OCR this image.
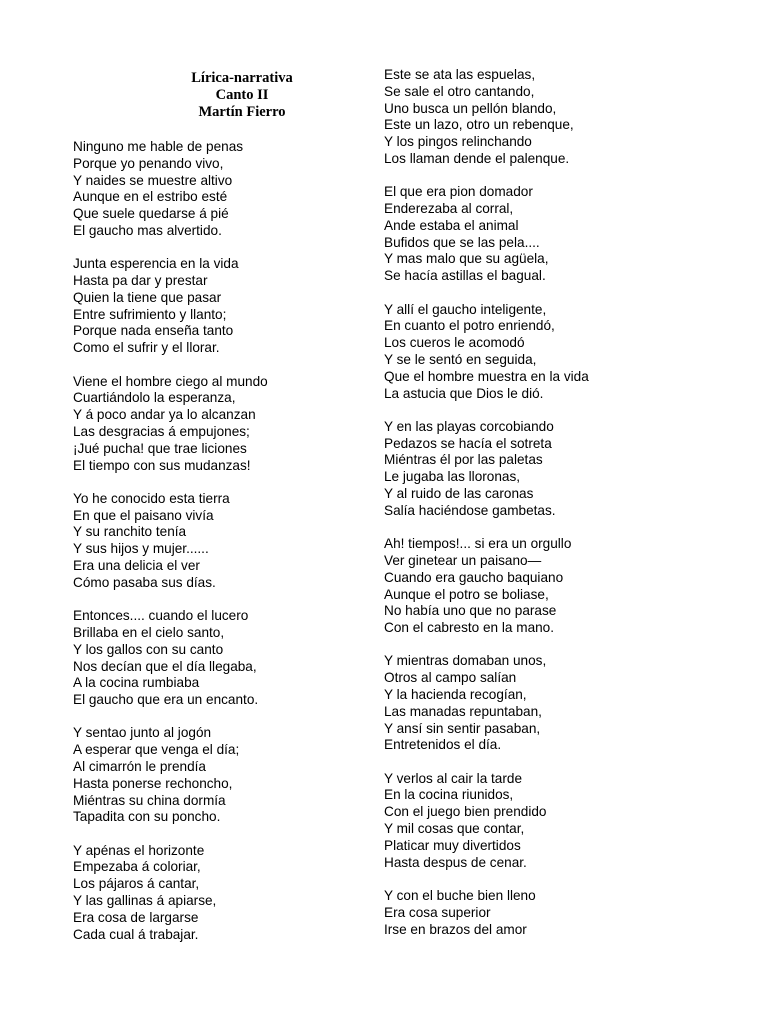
Lírica-narrativa
Canto II
Martín Fierro
Ninguno me hable de penas
Porque yo penando vivo,
Y naides se muestre altivo
Aunque en el estribo esté
Que suele quedarse á pié
El gaucho mas alvertido.
Junta esperencia en la vida
Hasta pa dar y prestar
Quien la tiene que pasar
Entre sufrimiento y llanto;
Porque nada enseña tanto
Como el sufrir y el llorar.
Viene el hombre ciego al mundo
Cuartiándolo la esperanza,
Y á poco andar ya lo alcanzan
Las desgracias á empujones;
¡Jué pucha! que trae liciones
El tiempo con sus mudanzas!
Yo he conocido esta tierra
En que el paisano vivía
Y su ranchito tenía
Y sus hijos y mujer......
Era una delicia el ver
Cómo pasaba sus días.
Entonces.... cuando el lucero
Brillaba en el cielo santo,
Y los gallos con su canto
Nos decían que el día llegaba,
A la cocina rumbiaba
El gaucho que era un encanto.
Y sentao junto al jogón
A esperar que venga el día;
Al cimarrón le prendía
Hasta ponerse rechoncho,
Miéntras su china dormía
Tapadita con su poncho.
Y apénas el horizonte
Empezaba á coloriar,
Los pájaros á cantar,
Y las gallinas á apiarse,
Era cosa de largarse
Cada cual á trabajar.
Este se ata las espuelas,
Se sale el otro cantando,
Uno busca un pellón blando,
Este un lazo, otro un rebenque,
Y los pingos relinchando
Los llaman dende el palenque.
El que era pion domador
Enderezaba al corral,
Ande estaba el animal
Bufidos que se las pela....
Y mas malo que su agüela,
Se hacía astillas el bagual.
Y allí el gaucho inteligente,
En cuanto el potro enriendó,
Los cueros le acomodó
Y se le sentó en seguida,
Que el hombre muestra en la vida
La astucia que Dios le dió.
Y en las playas corcobiando
Pedazos se hacía el sotreta
Miéntras él por las paletas
Le jugaba las lloronas,
Y al ruido de las caronas
Salía haciéndose gambetas.
Ah! tiempos!... si era un orgullo
Ver ginetear un paisano—
Cuando era gaucho baquiano
Aunque el potro se boliase,
No había uno que no parase
Con el cabresto en la mano.
Y mientras domaban unos,
Otros al campo salían
Y la hacienda recogían,
Las manadas repuntaban,
Y ansí sin sentir pasaban,
Entretenidos el día.
Y verlos al cair la tarde
En la cocina riunidos,
Con el juego bien prendido
Y mil cosas que contar,
Platicar muy divertidos
Hasta despus de cenar.
Y con el buche bien lleno
Era cosa superior
Irse en brazos del amor
